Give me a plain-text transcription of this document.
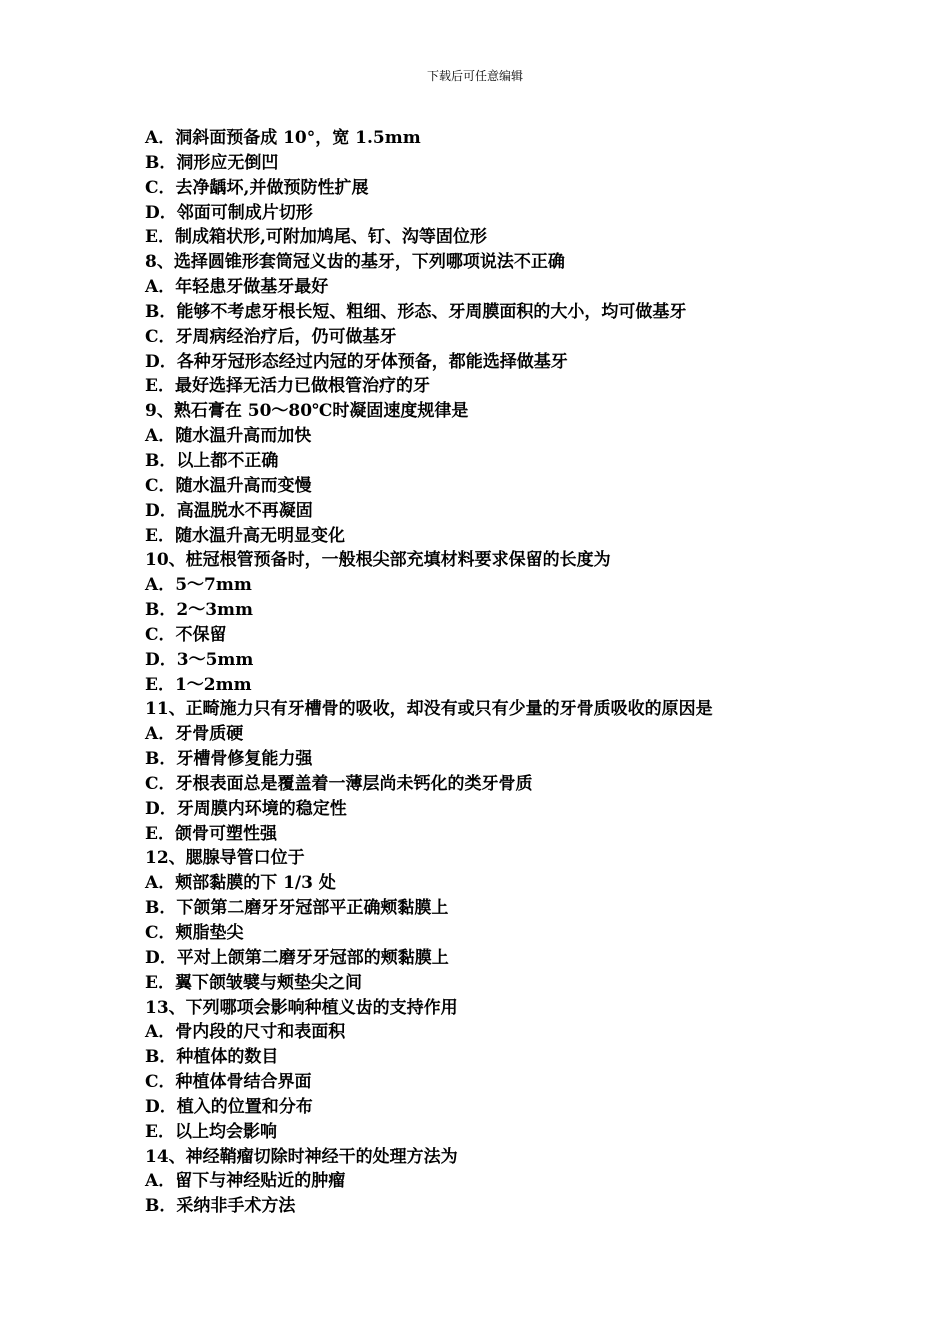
下载后可任意编辑
A．洞斜面预备成 10°，宽 1.5mm
B．洞形应无倒凹
C．去净龋坏,并做预防性扩展
D．邻面可制成片切形
E．制成箱状形,可附加鸠尾、钉、沟等固位形
8、选择圆锥形套筒冠义齿的基牙，下列哪项说法不正确
A．年轻患牙做基牙最好
B．能够不考虑牙根长短、粗细、形态、牙周膜面积的大小，均可做基牙
C．牙周病经治疗后，仍可做基牙
D．各种牙冠形态经过内冠的牙体预备，都能选择做基牙
E．最好选择无活力已做根管治疗的牙
9、熟石膏在 50～80℃时凝固速度规律是
A．随水温升高而加快
B．以上都不正确
C．随水温升高而变慢
D．高温脱水不再凝固
E．随水温升高无明显变化
10、桩冠根管预备时，一般根尖部充填材料要求保留的长度为
A．5～7mm
B．2～3mm
C．不保留
D．3～5mm
E．1～2mm
11、正畸施力只有牙槽骨的吸收，却没有或只有少量的牙骨质吸收的原因是
A．牙骨质硬
B．牙槽骨修复能力强
C．牙根表面总是覆盖着一薄层尚未钙化的类牙骨质
D．牙周膜内环境的稳定性
E．颌骨可塑性强
12、腮腺导管口位于
A．颊部黏膜的下 1/3 处
B．下颌第二磨牙牙冠部平正确颊黏膜上
C．颊脂垫尖
D．平对上颌第二磨牙牙冠部的颊黏膜上
E．翼下颌皱襞与颊垫尖之间
13、下列哪项会影响种植义齿的支持作用
A．骨内段的尺寸和表面积
B．种植体的数目
C．种植体骨结合界面
D．植入的位置和分布
E．以上均会影响
14、神经鞘瘤切除时神经干的处理方法为
A．留下与神经贴近的肿瘤
B．采纳非手术方法
